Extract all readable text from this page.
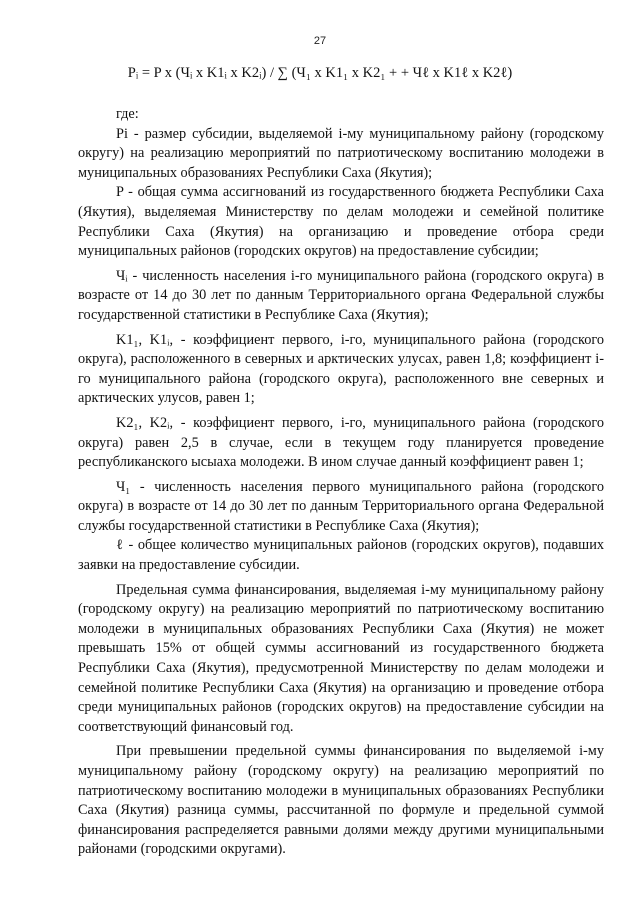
27
Pᵢ = P x (Чᵢ x K1ᵢ x K2ᵢ) / ∑ (Ч₁ x K1₁ x K2₁ + + Чℓ x K1ℓ x K2ℓ)

где:

Pi - размер субсидии, выделяемой i-му муниципальному району (городскому округу) на реализацию мероприятий по патриотическому воспитанию молодежи в муниципальных образованиях Республики Саха (Якутия);

P - общая сумма ассигнований из государственного бюджета Республики Саха (Якутия), выделяемая Министерству по делам молодежи и семейной политике Республики Саха (Якутия) на организацию и проведение отбора среди муниципальных районов (городских округов) на предоставление субсидии;

Чᵢ - численность населения i-го муниципального района (городского округа) в возрасте от 14 до 30 лет по данным Территориального органа Федеральной службы государственной статистики в Республике Саха (Якутия);

K1₁, K1ᵢ, - коэффициент первого, i-го, муниципального района (городского округа), расположенного в северных и арктических улусах, равен 1,8; коэффициент i-го муниципального района (городского округа), расположенного вне северных и арктических улусов, равен 1;

K2₁, K2ᵢ, - коэффициент первого, i-го, муниципального района (городского округа) равен 2,5 в случае, если в текущем году планируется проведение республиканского ысыаха молодежи. В ином случае данный коэффициент равен 1;

Ч₁ - численность населения первого муниципального района (городского округа) в возрасте от 14 до 30 лет по данным Территориального органа Федеральной службы государственной статистики в Республике Саха (Якутия);

ℓ - общее количество муниципальных районов (городских округов), подавших заявки на предоставление субсидии.

Предельная сумма финансирования, выделяемая i-му муниципальному району (городскому округу) на реализацию мероприятий по патриотическому воспитанию молодежи в муниципальных образованиях Республики Саха (Якутия) не может превышать 15% от общей суммы ассигнований из государственного бюджета Республики Саха (Якутия), предусмотренной Министерству по делам молодежи и семейной политике Республики Саха (Якутия) на организацию и проведение отбора среди муниципальных районов (городских округов) на предоставление субсидии на соответствующий финансовый год.

При превышении предельной суммы финансирования по выделяемой i-му муниципальному району (городскому округу) на реализацию мероприятий по патриотическому воспитанию молодежи в муниципальных образованиях Республики Саха (Якутия) разница суммы, рассчитанной по формуле и предельной суммой финансирования распределяется равными долями между другими муниципальными районами (городскими округами).
